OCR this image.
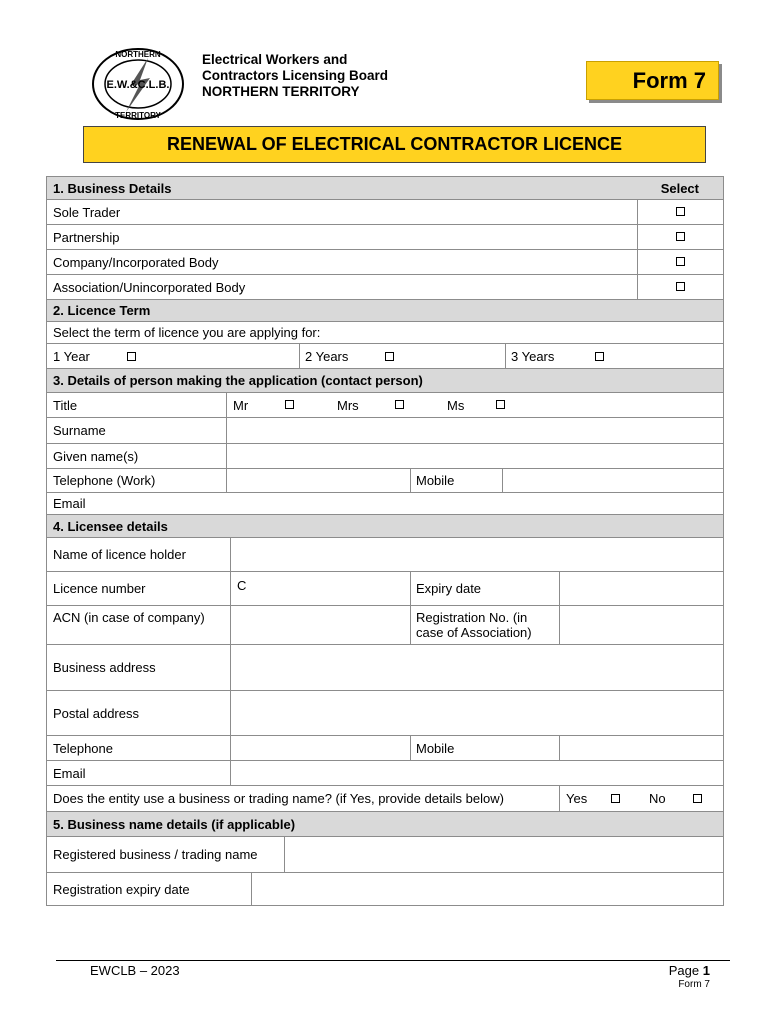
E.W.&C.L.B.
NORTHERN
TERRITORY
Electrical Workers and
Contractors Licensing Board
NORTHERN TERRITORY	Form 7
RENEWAL OF ELECTRICAL CONTRACTOR LICENCE
1. Business Details	Select
Sole Trader
Partnership
Company/Incorporated Body
Association/Unincorporated Body
2. Licence Term
Select the term of licence you are applying for:
1 Year	2 Years	3 Years
3. Details of person making the application (contact person)
Title	Mr	Mrs	Ms
Surname
Given name(s)
Telephone (Work)	Mobile
Email
4. Licensee details
Name of licence holder
Licence number	C	Expiry date
ACN (in case of company)	Registration No. (in
case of Association)
Business address
Postal address
Telephone	Mobile
Email
Does the entity use a business or trading name? (if Yes, provide details below)	Yes	No
5. Business name details (if applicable)
Registered business / trading name
Registration expiry date
EWCLB – 2023	Page 1
Form 7
